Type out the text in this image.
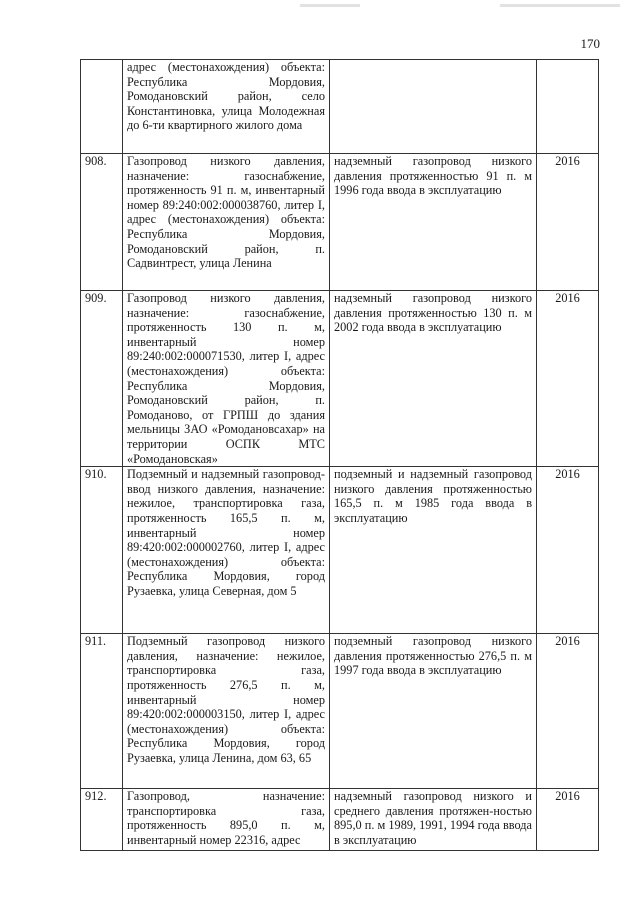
170
	адрес (местонахождения) объекта: Республика Мордовия, Ромодановский район, село Константиновка, улица Молодежная до 6-ти квартирного жилого дома		
908.	Газопровод низкого давления, назначение: газоснабжение, протяженность 91 п. м, инвентарный номер 89:240:002:000038760, литер I, адрес (местонахождения) объекта: Республика Мордовия, Ромодановский район, п. Садвинтрест, улица Ленина	надземный газопровод низкого давления протяженностью 91 п. м 1996 года ввода в эксплуатацию	2016
909.	Газопровод низкого давления, назначение: газоснабжение, протяженность 130 п. м, инвентарный номер 89:240:002:000071530, литер I, адрес (местонахождения) объекта: Республика Мордовия, Ромодановский район, п. Ромоданово, от ГРПШ до здания мельницы ЗАО «Ромодановсахар» на территории ОСПК МТС «Ромодановская»	надземный газопровод низкого давления протяженностью 130 п. м 2002 года ввода в эксплуатацию	2016
910.	Подземный и надземный газопровод-ввод низкого давления, назначение: нежилое, транспортировка газа, протяженность 165,5 п. м, инвентарный номер 89:420:002:000002760, литер I, адрес (местонахождения) объекта: Республика Мордовия, город Рузаевка, улица Северная, дом 5	подземный и надземный газопровод низкого давления протяженностью 165,5 п. м 1985 года ввода в эксплуатацию	2016
911.	Подземный газопровод низкого давления, назначение: нежилое, транспортировка газа, протяженность 276,5 п. м, инвентарный номер 89:420:002:000003150, литер I, адрес (местонахождения) объекта: Республика Мордовия, город Рузаевка, улица Ленина, дом 63, 65	подземный газопровод низкого давления протяженностью 276,5 п. м 1997 года ввода в эксплуатацию	2016
912.	Газопровод, назначение: транспортировка газа, протяженность 895,0 п. м, инвентарный номер 22316, адрес	надземный газопровод низкого и среднего давления протяжен-ностью 895,0 п. м 1989, 1991, 1994 года ввода в эксплуатацию	2016
